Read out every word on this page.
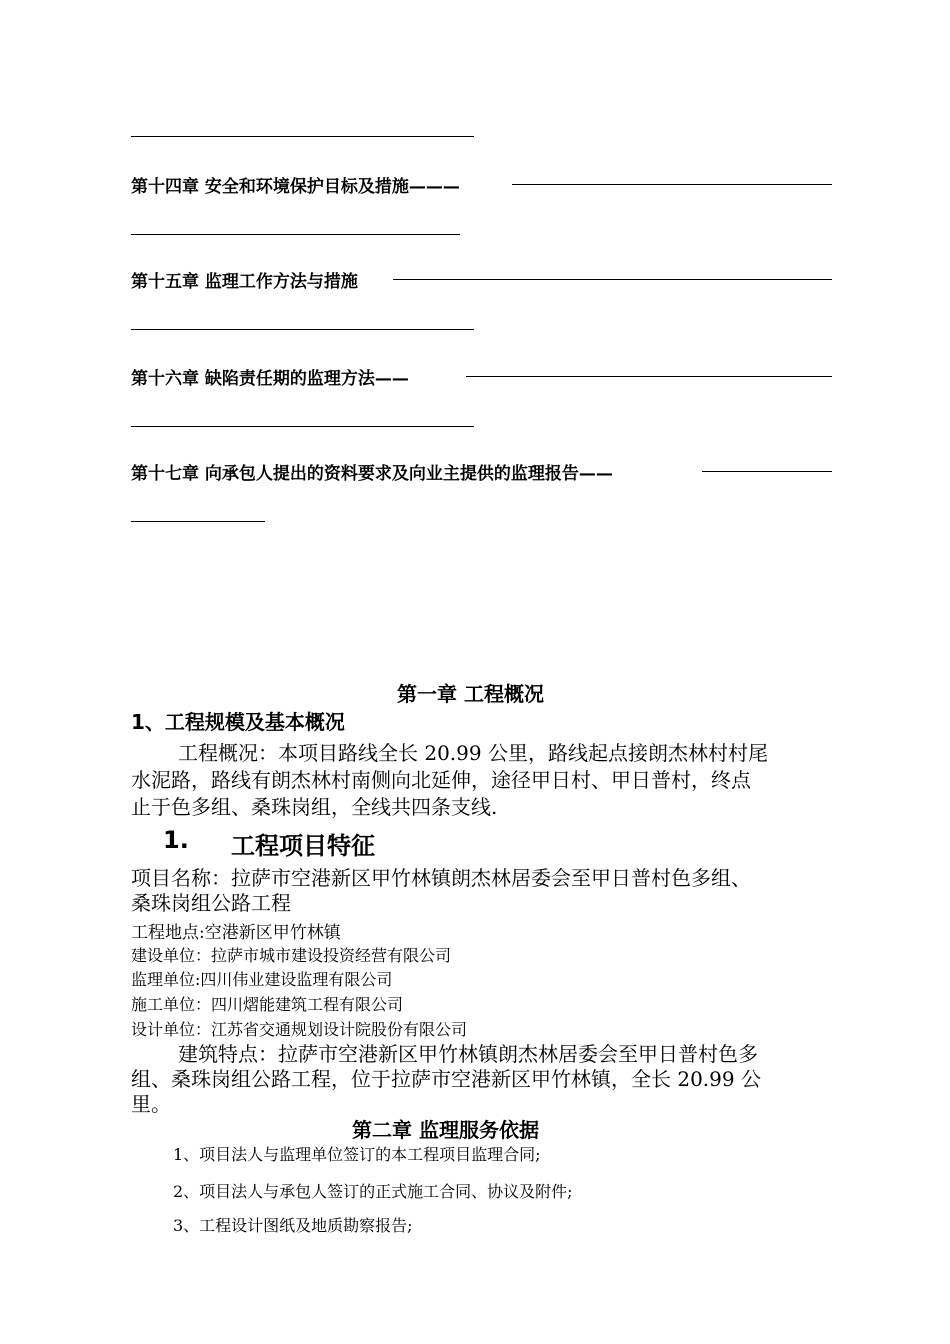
第十四章 安全和环境保护目标及措施———
第十五章 监理工作方法与措施
第十六章 缺陷责任期的监理方法——
第十七章 向承包人提出的资料要求及向业主提供的监理报告——
第一章 工程概况
1、工程规模及基本概况
工程概况：本项目路线全长 20.99 公里，路线起点接朗杰林村村尾
水泥路，路线有朗杰林村南侧向北延伸，途径甲日村、甲日普村，终点
止于色多组、桑珠岗组，全线共四条支线.
1. 工程项目特征
项目名称：拉萨市空港新区甲竹林镇朗杰林居委会至甲日普村色多组、
桑珠岗组公路工程
工程地点:空港新区甲竹林镇
建设单位：拉萨市城市建设投资经营有限公司
监理单位:四川伟业建设监理有限公司
施工单位：四川熠能建筑工程有限公司
设计单位：江苏省交通规划设计院股份有限公司
建筑特点：拉萨市空港新区甲竹林镇朗杰林居委会至甲日普村色多
组、桑珠岗组公路工程，位于拉萨市空港新区甲竹林镇，全长 20.99 公
里。
第二章 监理服务依据
1、项目法人与监理单位签订的本工程项目监理合同;
2、项目法人与承包人签订的正式施工合同、协议及附件;
3、工程设计图纸及地质勘察报告;
